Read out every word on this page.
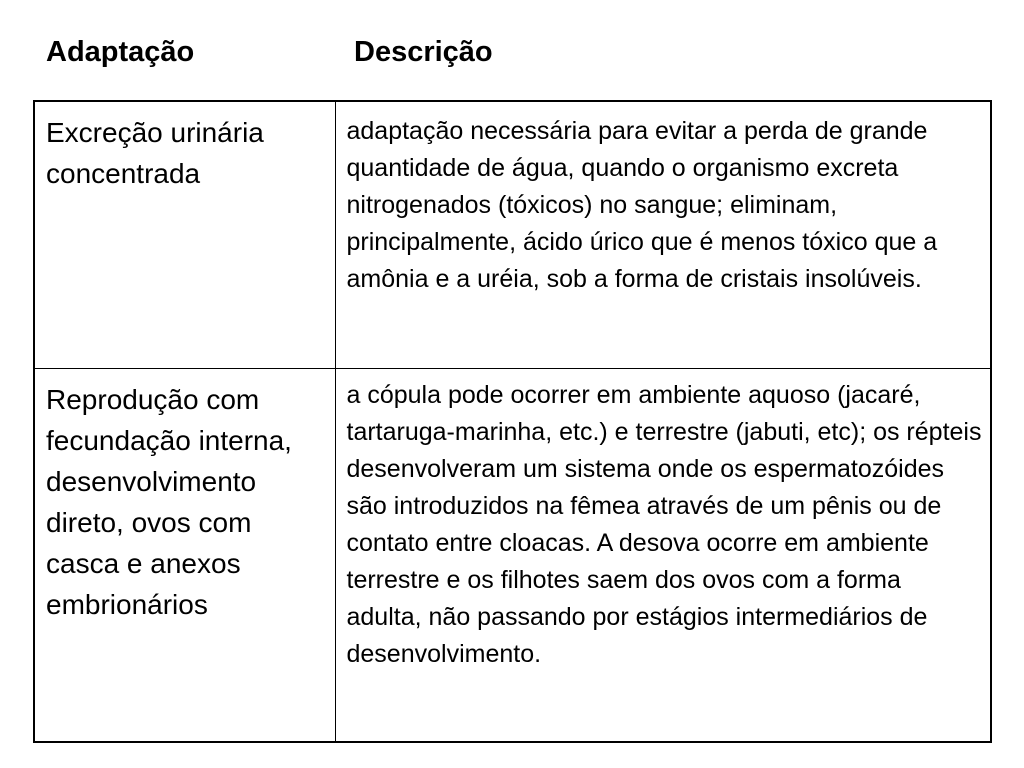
Adaptação	Descrição
Excreção urinária concentrada	adaptação necessária para evitar a perda de grande quantidade de água, quando o organismo excreta nitrogenados (tóxicos) no sangue; eliminam, principalmente, ácido úrico que é menos tóxico que a amônia e a uréia, sob a forma de cristais insolúveis.

Reprodução com fecundação interna, desenvolvimento direto, ovos com casca e anexos embrionários	a cópula pode ocorrer em ambiente aquoso (jacaré, tartaruga-marinha, etc.) e terrestre (jabuti, etc); os répteis desenvolveram um sistema onde os espermatozóides são introduzidos na fêmea através de um pênis ou de contato entre cloacas. A desova ocorre em ambiente terrestre e os filhotes saem dos ovos com a forma adulta, não passando por estágios intermediários de desenvolvimento.
